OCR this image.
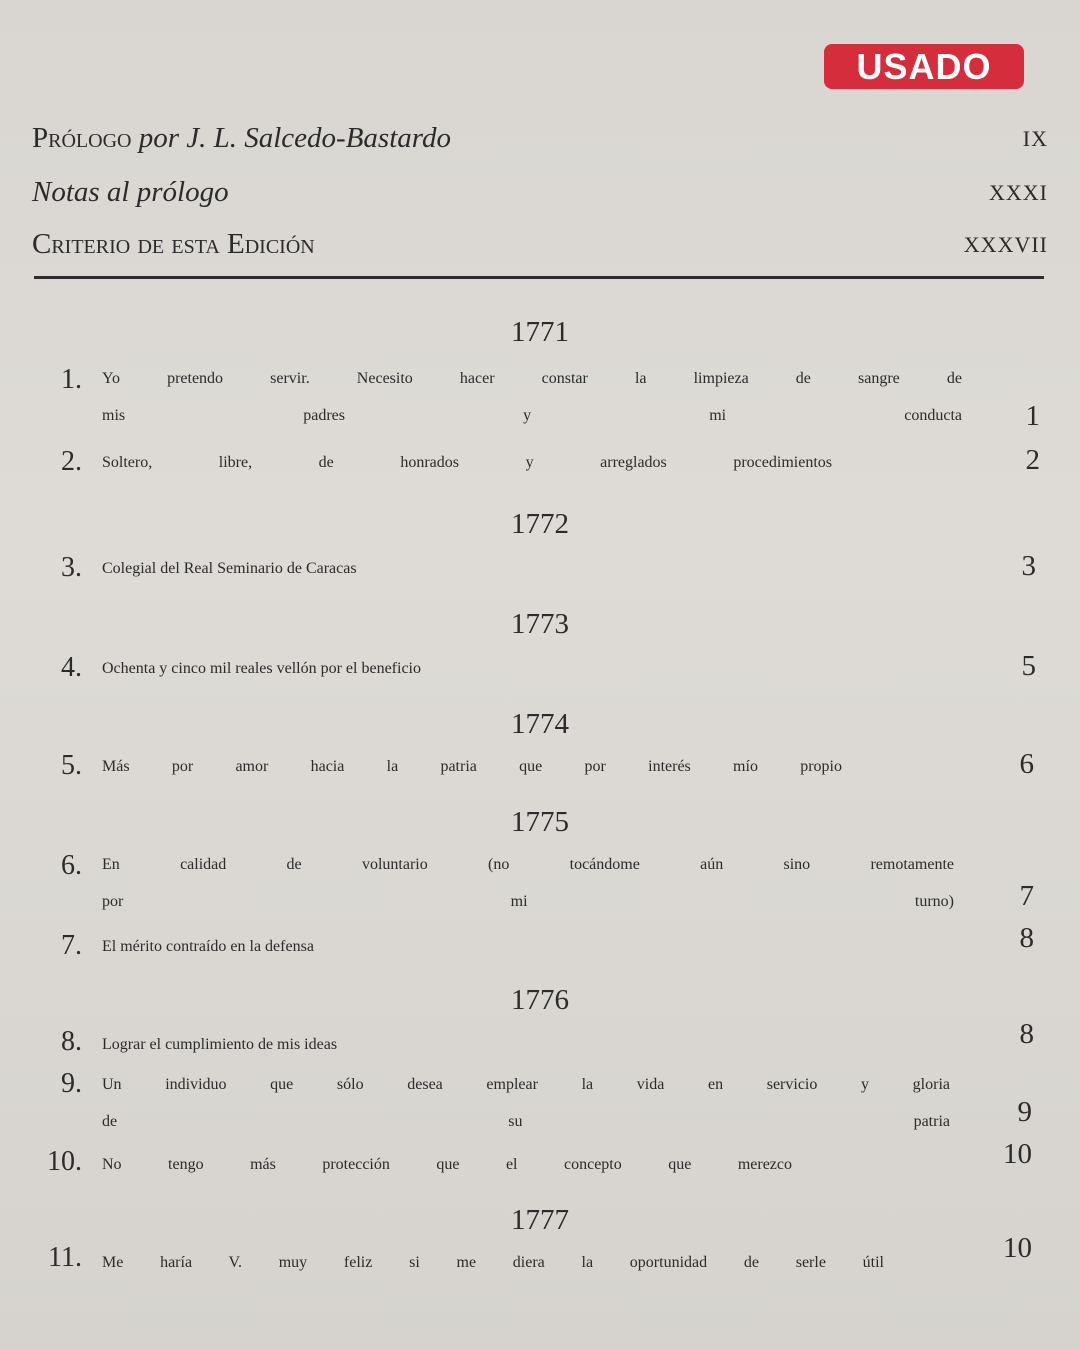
USADO
Prólogo por J. L. Salcedo-Bastardo	IX
Notas al prólogo	XXXI
Criterio de esta Edición	XXXVII
1771
1. Yo pretendo servir. Necesito hacer constar la limpieza de sangre de
mis padres y mi conducta	1
2. Soltero, libre, de honrados y arreglados procedimientos	2
1772
3. Colegial del Real Seminario de Caracas	3
1773
4. Ochenta y cinco mil reales vellón por el beneficio	5
1774
5. Más por amor hacia la patria que por interés mío propio	6
1775
6. En calidad de voluntario (no tocándome aún sino remotamente
por mi turno)	7
7. El mérito contraído en la defensa	8
1776
8. Lograr el cumplimiento de mis ideas	8
9. Un individuo que sólo desea emplear la vida en servicio y gloria
de su patria	9
10. No tengo más protección que el concepto que merezco	10
1777
11. Me haría V. muy feliz si me diera la oportunidad de serle útil	10
